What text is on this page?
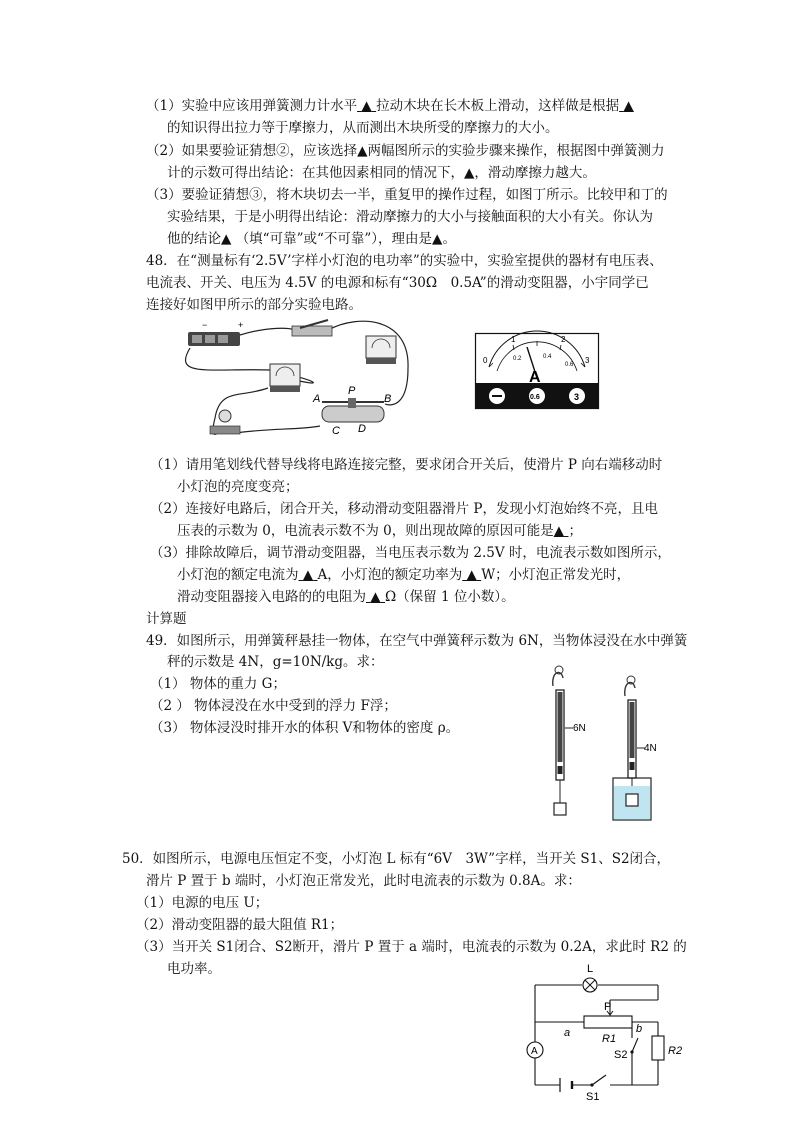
（1）实验中应该用弹簧测力计水平 ▲ 拉动木块在长木板上滑动，这样做是根据 ▲
的知识得出拉力等于摩擦力，从而测出木块所受的摩擦力的大小。
（2）如果要验证猜想②，应该选择▲两幅图所示的实验步骤来操作，根据图中弹簧测力
计的示数可得出结论：在其他因素相同的情况下，▲，滑动摩擦力越大。
（3）要验证猜想③，将木块切去一半，重复甲的操作过程，如图丁所示。比较甲和丁的
实验结果，于是小明得出结论：滑动摩擦力的大小与接触面积的大小有关。你认为
他的结论▲ （填“可靠”或“不可靠”），理由是▲。
48．在“测量标有‘2.5V’字样小灯泡的电功率”的实验中，实验室提供的器材有电压表、
电流表、开关、电压为 4.5V 的电源和标有“30Ω　0.5A”的滑动变阻器，小宇同学已
连接好如图甲所示的部分实验电路。
−	+
A
P
B
C D
0
1	2
3
0.2	0.4
0.6
A
0.6	3
（1）请用笔划线代替导线将电路连接完整，要求闭合开关后，使滑片 P 向右端移动时
小灯泡的亮度变亮；
（2）连接好电路后，闭合开关，移动滑动变阻器滑片 P，发现小灯泡始终不亮，且电
压表的示数为 0，电流表示数不为 0，则出现故障的原因可能是▲ ；
（3）排除故障后，调节滑动变阻器，当电压表示数为 2.5V 时，电流表示数如图所示，
小灯泡的额定电流为 ▲ A，小灯泡的额定功率为 ▲ W；小灯泡正常发光时，
滑动变阻器接入电路的的电阻为 ▲ Ω（保留 1 位小数）。
计算题
49．如图所示，用弹簧秤悬挂一物体，在空气中弹簧秤示数为 6N，当物体浸没在水中弹簧
秤的示数是 4N，g=10N/kg。求：
（1） 物体的重力 G；
（2 ） 物体浸没在水中受到的浮力 F浮；
（3） 物体浸没时排开水的体积 V和物体的密度 ρ。	6N
4N
50．如图所示，电源电压恒定不变，小灯泡 L 标有“6V　3W”字样，当开关 S1、S2闭合，
滑片 P 置于 b 端时，小灯泡正常发光，此时电流表的示数为 0.8A。求：
（1）电源的电压 U；
（2）滑动变阻器的最大阻值 R1；
（3）当开关 S1闭合、S2断开，滑片 P 置于 a 端时，电流表的示数为 0.2A，求此时 R2 的
电功率。	L
P
a	b
R1
R2
S2
A
S1
